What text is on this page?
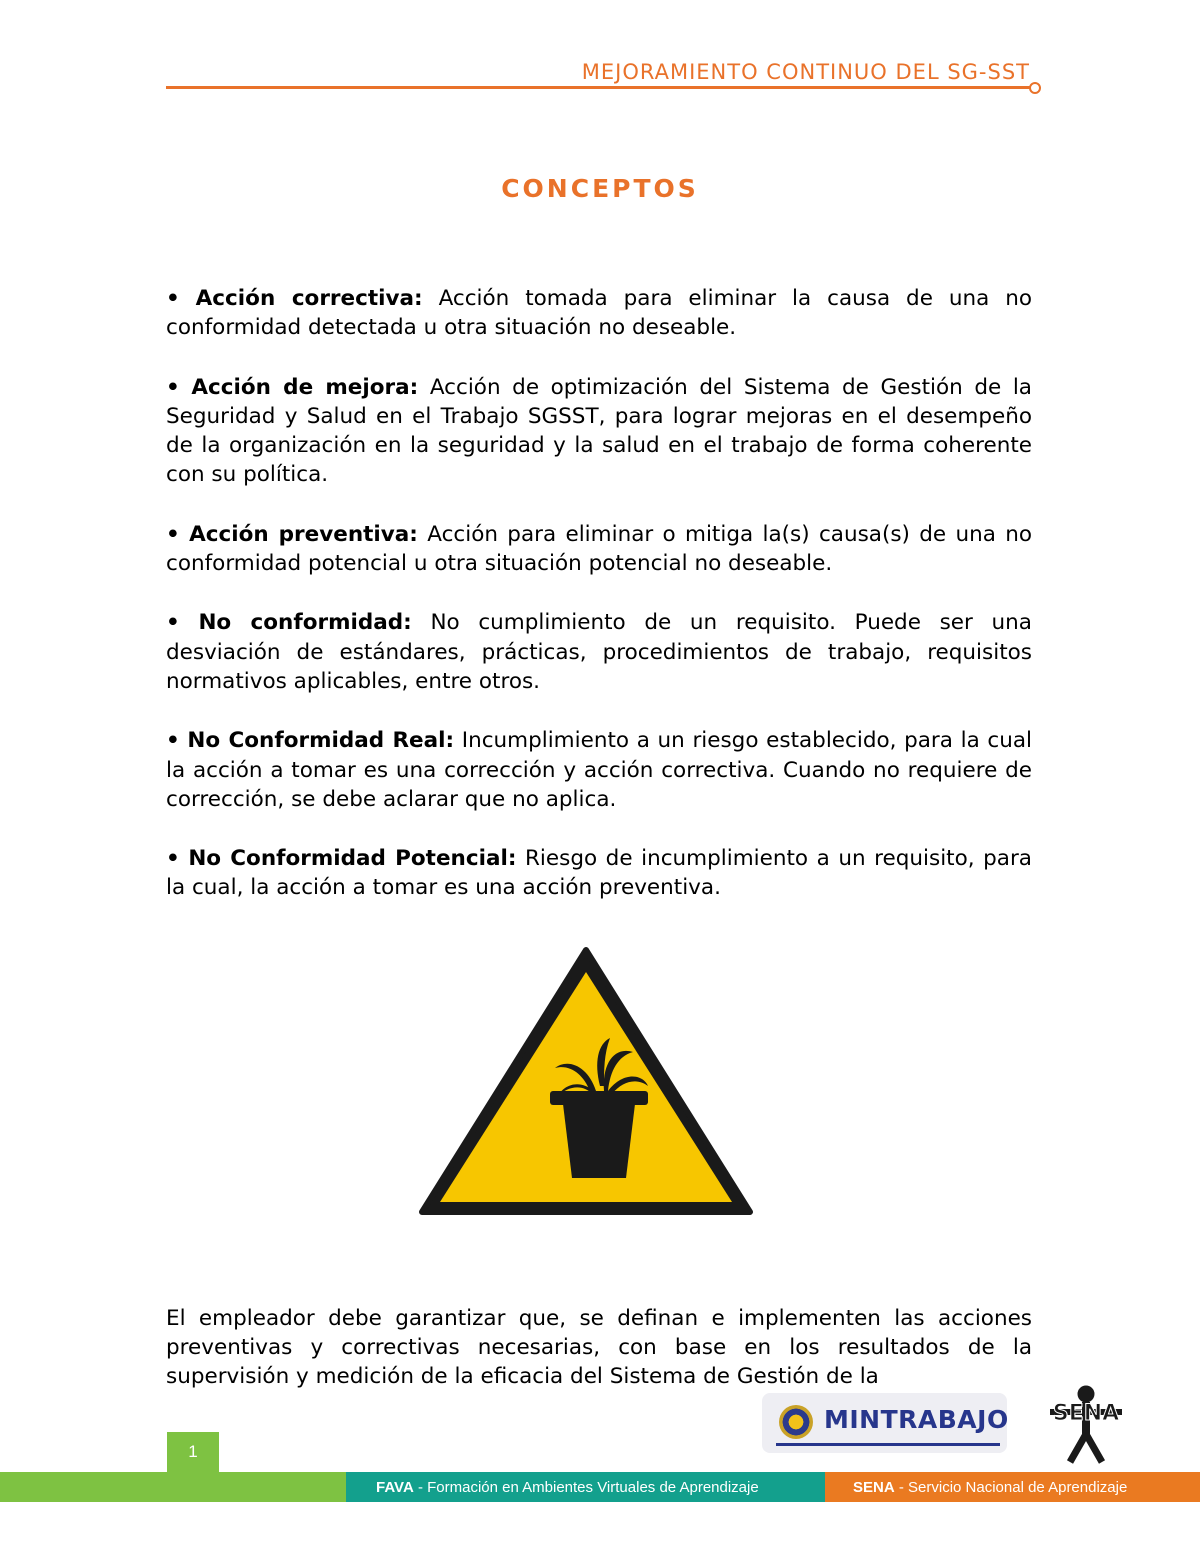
MEJORAMIENTO CONTINUO DEL SG-SST
CONCEPTOS

• Acción correctiva: Acción tomada para eliminar la causa de una no conformidad detectada u otra situación no deseable.

• Acción de mejora: Acción de optimización del Sistema de Gestión de la Seguridad y Salud en el Trabajo SGSST, para lograr mejoras en el desempeño de la organización en la seguridad y la salud en el trabajo de forma coherente con su política.

• Acción preventiva: Acción para eliminar o mitiga la(s) causa(s) de una no conformidad potencial u otra situación potencial no deseable.

• No conformidad: No cumplimiento de un requisito. Puede ser una desviación de estándares, prácticas, procedimientos de trabajo, requisitos normativos aplicables, entre otros.

• No Conformidad Real: Incumplimiento a un riesgo establecido, para la cual la acción a tomar es una corrección y acción correctiva. Cuando no requiere de corrección, se debe aclarar que no aplica.

• No Conformidad Potencial: Riesgo de incumplimiento a un requisito, para la cual, la acción a tomar es una acción preventiva.

El empleador debe garantizar que, se definan e implementen las acciones preventivas y correctivas necesarias, con base en los resultados de la supervisión y medición de la eficacia del Sistema de Gestión de la

MINTRABAJO SENA
1
FAVA - Formación en Ambientes Virtuales de Aprendizaje	SENA - Servicio Nacional de Aprendizaje
